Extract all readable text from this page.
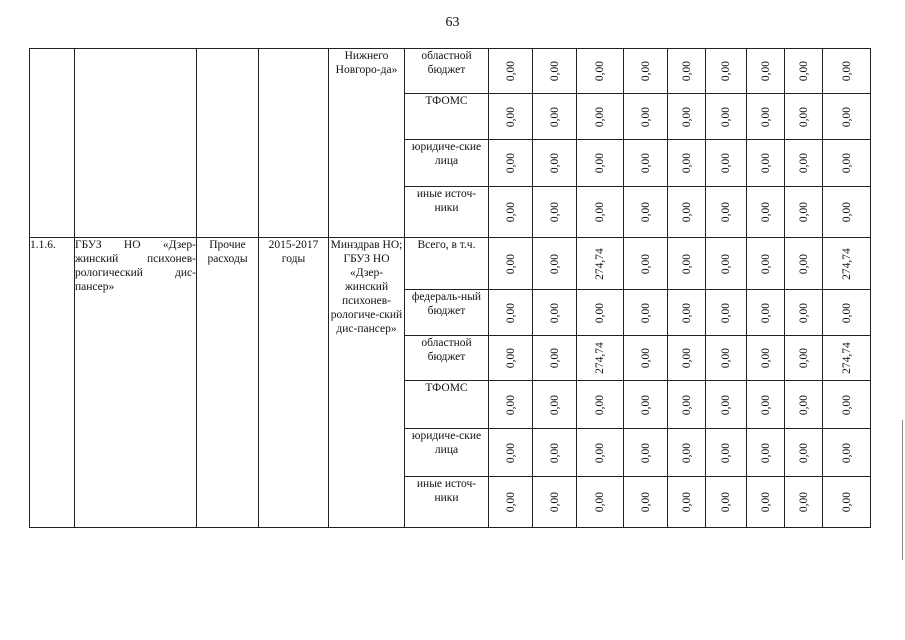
63
				Нижнего Новгоро-да»	областной бюджет	0,00	0,00	0,00	0,00	0,00	0,00	0,00	0,00	0,00

					ТФОМС	0,00	0,00	0,00	0,00	0,00	0,00	0,00	0,00	0,00

					юридиче-ские лица	0,00	0,00	0,00	0,00	0,00	0,00	0,00	0,00	0,00

					иные источ-ники	0,00	0,00	0,00	0,00	0,00	0,00	0,00	0,00	0,00

1.1.6.	ГБУЗ НО «Дзер-жинский психонев-рологический дис-пансер»	Прочие расходы	2015-2017 годы	Минздрав НО; ГБУЗ НО «Дзер-жинский психонев-рологиче-ский дис-пансер»	Всего, в т.ч.	0,00	0,00	274,74	0,00	0,00	0,00	0,00	0,00	274,74

					федераль-ный бюджет	0,00	0,00	0,00	0,00	0,00	0,00	0,00	0,00	0,00

					областной бюджет	0,00	0,00	274,74	0,00	0,00	0,00	0,00	0,00	274,74

					ТФОМС	0,00	0,00	0,00	0,00	0,00	0,00	0,00	0,00	0,00

					юридиче-ские лица	0,00	0,00	0,00	0,00	0,00	0,00	0,00	0,00	0,00

					иные источ-ники	0,00	0,00	0,00	0,00	0,00	0,00	0,00	0,00	0,00
